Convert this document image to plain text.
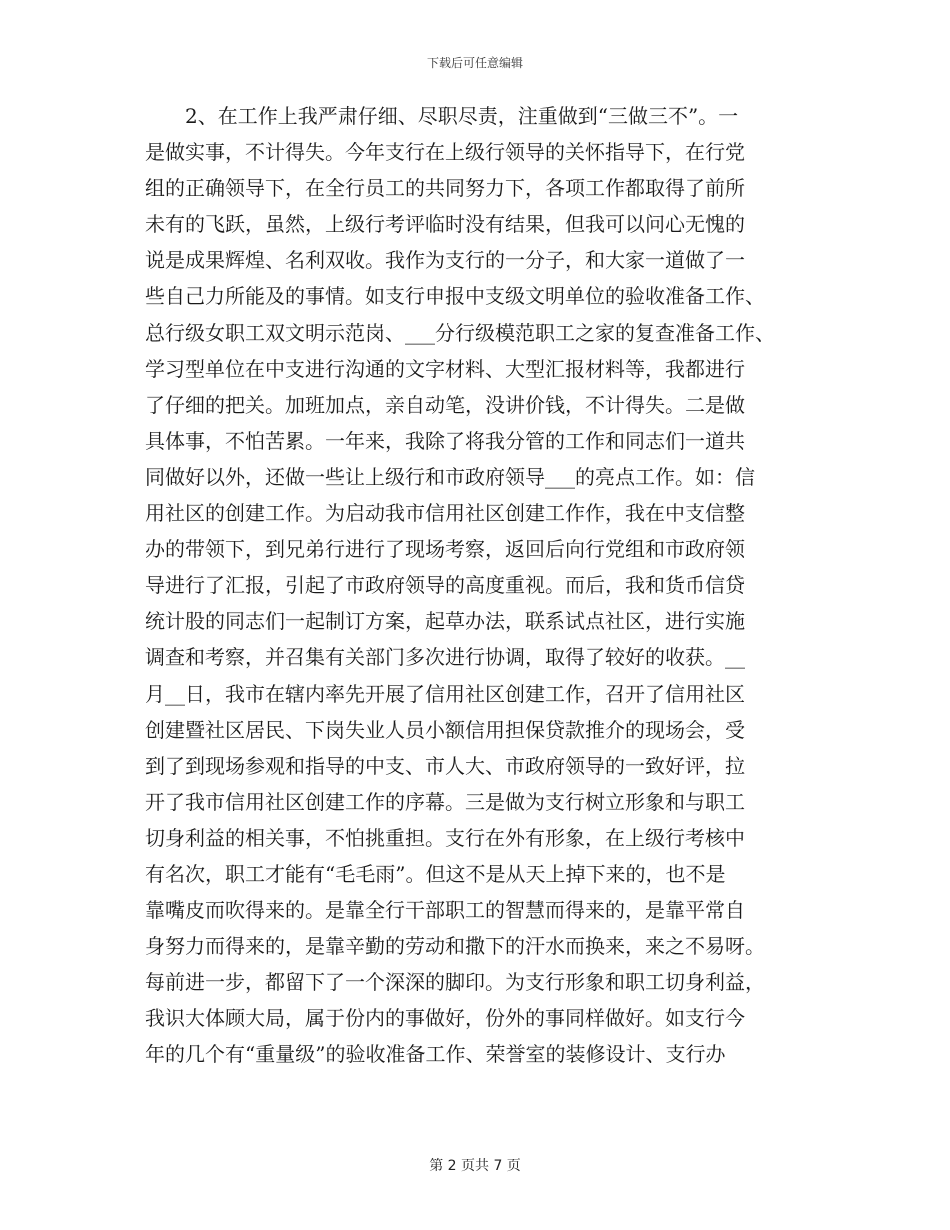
下载后可任意编辑
　　2、在工作上我严肃仔细、尽职尽责，注重做到“三做三不”。一
是做实事，不计得失。今年支行在上级行领导的关怀指导下，在行党
组的正确领导下，在全行员工的共同努力下，各项工作都取得了前所
未有的飞跃，虽然，上级行考评临时没有结果，但我可以问心无愧的
说是成果辉煌、名利双收。我作为支行的一分子，和大家一道做了一
些自己力所能及的事情。如支行申报中支级文明单位的验收准备工作、
总行级女职工双文明示范岗、___分行级模范职工之家的复查准备工作、
学习型单位在中支进行沟通的文字材料、大型汇报材料等，我都进行
了仔细的把关。加班加点，亲自动笔，没讲价钱，不计得失。二是做
具体事，不怕苦累。一年来，我除了将我分管的工作和同志们一道共
同做好以外，还做一些让上级行和市政府领导___的亮点工作。如：信
用社区的创建工作。为启动我市信用社区创建工作作，我在中支信整
办的带领下，到兄弟行进行了现场考察，返回后向行党组和市政府领
导进行了汇报，引起了市政府领导的高度重视。而后，我和货币信贷
统计股的同志们一起制订方案，起草办法，联系试点社区，进行实施
调查和考察，并召集有关部门多次进行协调，取得了较好的收获。__
月__日，我市在辖内率先开展了信用社区创建工作，召开了信用社区
创建暨社区居民、下岗失业人员小额信用担保贷款推介的现场会，受
到了到现场参观和指导的中支、市人大、市政府领导的一致好评，拉
开了我市信用社区创建工作的序幕。三是做为支行树立形象和与职工
切身利益的相关事，不怕挑重担。支行在外有形象，在上级行考核中
有名次，职工才能有“毛毛雨”。但这不是从天上掉下来的，也不是
靠嘴皮而吹得来的。是靠全行干部职工的智慧而得来的，是靠平常自
身努力而得来的，是靠辛勤的劳动和撒下的汗水而换来，来之不易呀。
每前进一步，都留下了一个深深的脚印。为支行形象和职工切身利益，
我识大体顾大局，属于份内的事做好，份外的事同样做好。如支行今
年的几个有“重量级”的验收准备工作、荣誉室的装修设计、支行办
第 2 页共 7 页
